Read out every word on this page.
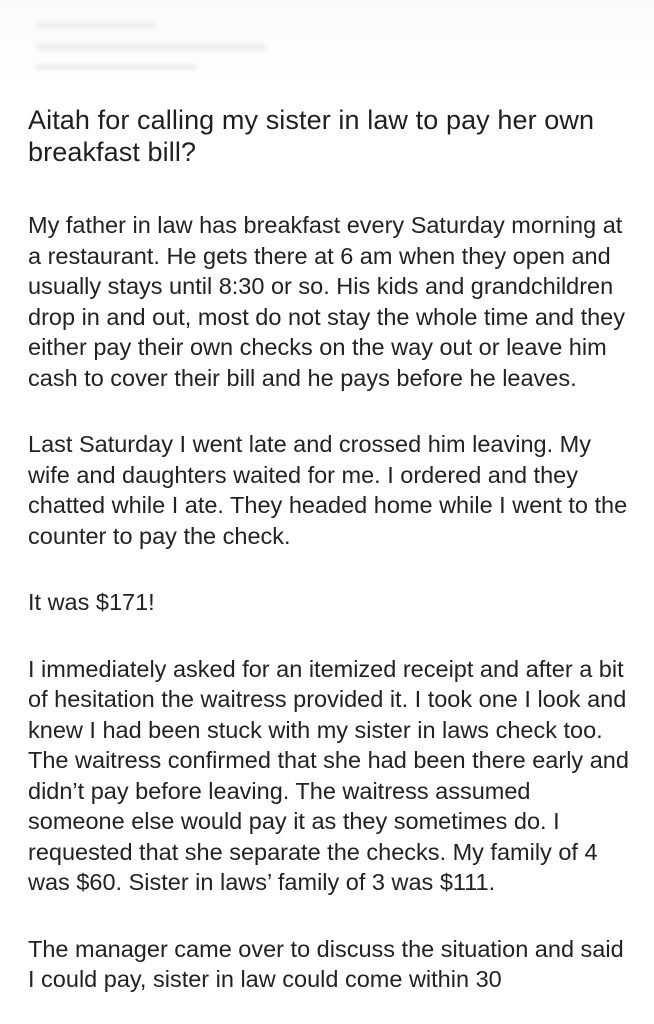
Aitah for calling my sister in law to pay her own breakfast bill?

My father in law has breakfast every Saturday morning at a restaurant. He gets there at 6 am when they open and usually stays until 8:30 or so. His kids and grandchildren drop in and out, most do not stay the whole time and they either pay their own checks on the way out or leave him cash to cover their bill and he pays before he leaves.

Last Saturday I went late and crossed him leaving. My wife and daughters waited for me. I ordered and they chatted while I ate. They headed home while I went to the counter to pay the check.

It was $171!

I immediately asked for an itemized receipt and after a bit of hesitation the waitress provided it. I took one I look and knew I had been stuck with my sister in laws check too. The waitress confirmed that she had been there early and didn’t pay before leaving. The waitress assumed someone else would pay it as they sometimes do. I requested that she separate the checks. My family of 4 was $60. Sister in laws’ family of 3 was $111.

The manager came over to discuss the situation and said I could pay, sister in law could come within 30
